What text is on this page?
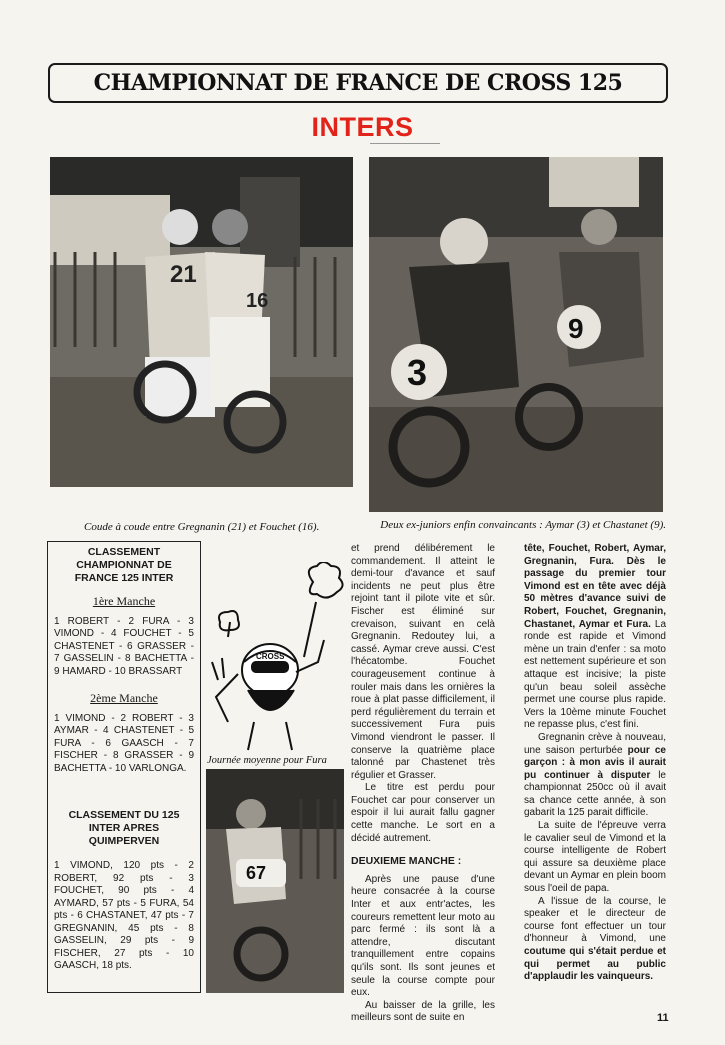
CHAMPIONNAT DE FRANCE DE CROSS 125
INTERS
21
16
3
9
Coude à coude entre Gregnanin (21) et Fouchet (16).	Deux ex-juniors enfin convaincants : Aymar (3) et Chastanet (9).
CLASSEMENT CHAMPIONNAT DE FRANCE 125 INTER
1ère Manche
1 ROBERT - 2 FURA - 3 VIMOND - 4 FOUCHET - 5 CHASTENET - 6 GRASSER - 7 GASSELIN - 8 BACHETTA - 9 HAMARD - 10 BRASSART
2ème Manche
1 VIMOND - 2 ROBERT - 3 AYMAR - 4 CHASTENET - 5 FURA - 6 GAASCH - 7 FISCHER - 8 GRASSER - 9 BACHETTA - 10 VARLONGA.
CLASSEMENT DU 125 INTER APRES QUIMPERVEN
1 VIMOND, 120 pts - 2 ROBERT, 92 pts - 3 FOUCHET, 90 pts - 4 AYMARD, 57 pts - 5 FURA, 54 pts - 6 CHASTANET, 47 pts - 7 GREGNANIN, 45 pts - 8 GASSELIN, 29 pts - 9 FISCHER, 27 pts - 10 GAASCH, 18 pts.
CROSS
Journée moyenne pour Fura
67

et prend délibérement le commandement. Il atteint le demi-tour d'avance et sauf incidents ne peut plus être rejoint tant il pilote vite et sûr. Fischer est éliminé sur crevaison, suivant en celà Gregnanin. Redoutey lui, a cassé. Aymar creve aussi. C'est l'hécatombe. Fouchet courageusement continue à rouler mais dans les ornières la roue à plat passe difficilement, il perd régulièrement du terrain et successivement Fura puis Vimond viendront le passer. Il conserve la quatrième place talonné par Chastenet très régulier et Grasser.

Le titre est perdu pour Fouchet car pour conserver un espoir il lui aurait fallu gagner cette manche. Le sort en a décidé autrement.

DEUXIEME MANCHE :

Après une pause d'une heure consacrée à la course Inter et aux entr'actes, les coureurs remettent leur moto au parc fermé : ils sont là a attendre, discutant tranquillement entre copains qu'ils sont. Ils sont jeunes et seule la course compte pour eux.

Au baisser de la grille, les meilleurs sont de suite en

tête, Fouchet, Robert, Aymar, Gregnanin, Fura. Dès le passage du premier tour Vimond est en tête avec déjà 50 mètres d'avance suivi de Robert, Fouchet, Gregnanin, Chastanet, Aymar et Fura. La ronde est rapide et Vimond mène un train d'enfer : sa moto est nettement supérieure et son attaque est incisive; la piste qu'un beau soleil assèche permet une course plus rapide. Vers la 10ème minute Fouchet ne repasse plus, c'est fini.

Gregnanin crève à nouveau, une saison perturbée pour ce garçon : à mon avis il aurait pu continuer à disputer le championnat 250cc où il avait sa chance cette année, à son gabarit la 125 parait difficile.

La suite de l'épreuve verra le cavalier seul de Vimond et la course intelligente de Robert qui assure sa deuxième place devant un Aymar en plein boom sous l'oeil de papa.

A l'issue de la course, le speaker et le directeur de course font effectuer un tour d'honneur à Vimond, une coutume qui s'était perdue et qui permet au public d'applaudir les vainqueurs.

11
